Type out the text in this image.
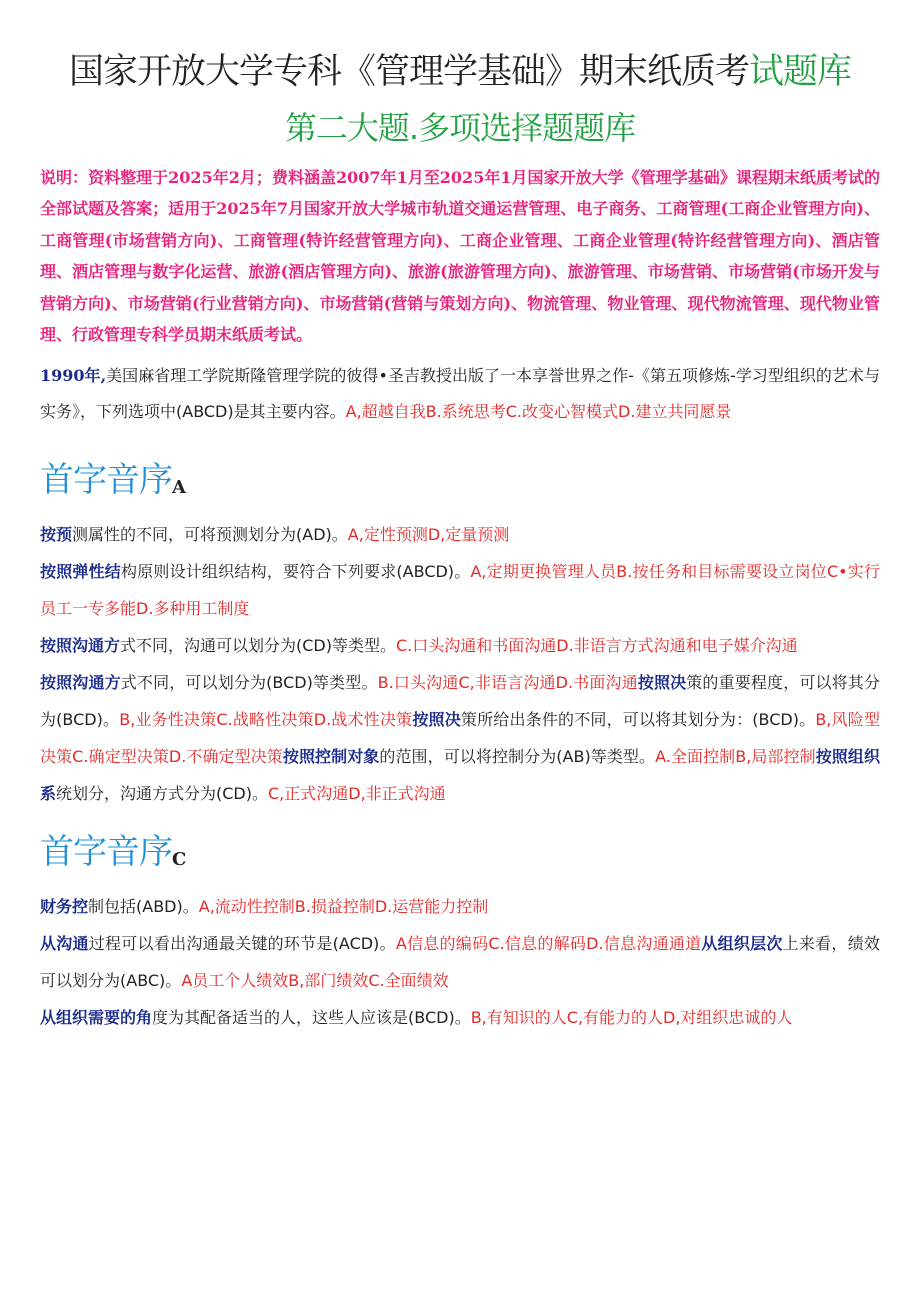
国家开放大学专科《管理学基础》期末纸质考试题库
第二大题.多项选择题题库
说明：资料整理于2025年2月；费料涵盖2007年1月至2025年1月国家开放大学《管理学基础》课程期末纸质考试的全部试题及答案；适用于2025年7月国家开放大学城市轨道交通运营管理、电子商务、工商管理(工商企业管理方向)、工商管理(市场营销方向)、工商管理(特许经营管理方向)、工商企业管理、工商企业管理(特许经营管理方向)、酒店管理、酒店管理与数字化运营、旅游(酒店管理方向)、旅游(旅游管理方向)、旅游管理、市场营销、市场营销(市场开发与营销方向)、市场营销(行业营销方向)、市场营销(营销与策划方向)、物流管理、物业管理、现代物流管理、现代物业管理、行政管理专科学员期末纸质考试。
1990年,美国麻省理工学院斯隆管理学院的彼得•圣吉教授出版了一本享誉世界之作-《第五项修炼-学习型组织的艺术与实务》，下列选项中(ABCD)是其主要内容。A,超越自我B.系统思考C.改变心智模式D.建立共同愿景
首字音序A
按预测属性的不同，可将预测划分为(AD)。A,定性预测D,定量预测
按照弹性结构原则设计组织结构，要符合下列要求(ABCD)。A,定期更换管理人员B.按任务和目标需要设立岗位C•实行员工一专多能D.多种用工制度
按照沟通方式不同，沟通可以划分为(CD)等类型。C.口头沟通和书面沟通D.非语言方式沟通和电子媒介沟通
按照沟通方式不同，可以划分为(BCD)等类型。B.口头沟通C,非语言沟通D.书面沟通按照决策的重要程度，可以将其分为(BCD)。B,业务性决策C.战略性决策D.战术性决策按照决策所给出条件的不同，可以将其划分为：(BCD)。B,风险型决策C.确定型决策D.不确定型决策按照控制对象的范围，可以将控制分为(AB)等类型。A.全面控制B,局部控制按照组织系统划分，沟通方式分为(CD)。C,正式沟通D,非正式沟通
首字音序C
财务控制包括(ABD)。A,流动性控制B.损益控制D.运营能力控制
从沟通过程可以看出沟通最关键的环节是(ACD)。A信息的编码C.信息的解码D.信息沟通通道从组织层次上来看，绩效可以划分为(ABC)。A员工个人绩效B,部门绩效C.全面绩效
从组织需要的角度为其配备适当的人，这些人应该是(BCD)。B,有知识的人C,有能力的人D,对组织忠诚的人
